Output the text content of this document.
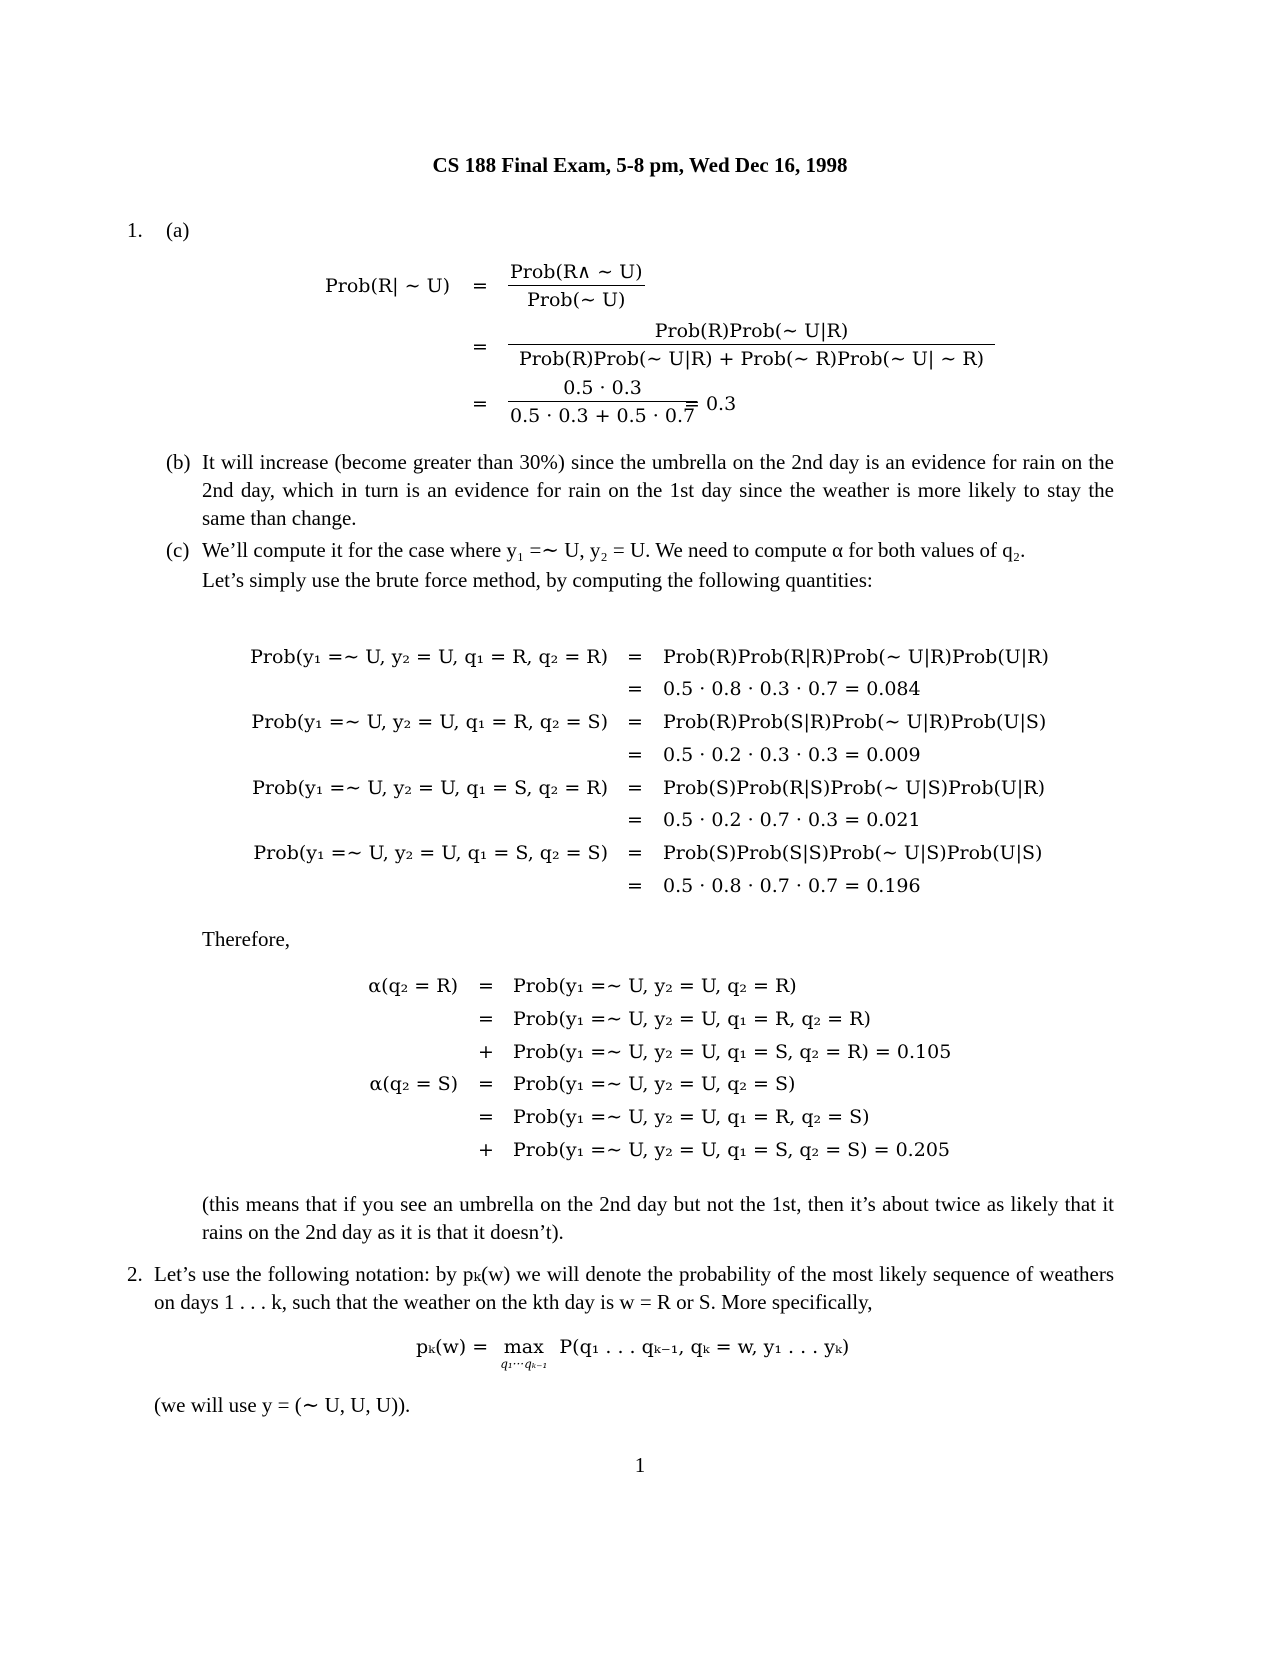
CS 188 Final Exam, 5-8 pm, Wed Dec 16, 1998
1. (a)
Prob(R| ∼ U) =
Prob(R∧ ∼ U)
Prob(∼ U)
=
Prob(R)Prob(∼ U|R)
Prob(R)Prob(∼ U|R) + Prob(∼ R)Prob(∼ U| ∼ R)
= $\frac{0.5 \cdot 0.3}{0.5 \cdot 0.3 + 0.5 \cdot 0.7}$
= 0.3
(b) It will increase (become greater than 30%) since the umbrella on the 2nd day is an evidence for rain on the 2nd day, which in turn is an evidence for rain on the 1st day since the weather is more likely to stay the same than change.
(c) We’ll compute it for the case where y₁ =∼ U, y₂ = U. We need to compute α for both values of q₂.
Let’s simply use the brute force method, by computing the following quantities:
Prob(y₁ =∼ U, y₂ = U, q₁ = R, q₂ = R) = Prob(R)Prob(R|R)Prob(∼ U|R)Prob(U|R)
= 0.5 · 0.8 · 0.3 · 0.7 = 0.084
Prob(y₁ =∼ U, y₂ = U, q₁ = R, q₂ = S) = Prob(R)Prob(S|R)Prob(∼ U|R)Prob(U|S)
= 0.5 · 0.2 · 0.3 · 0.3 = 0.009
Prob(y₁ =∼ U, y₂ = U, q₁ = S, q₂ = R) = Prob(S)Prob(R|S)Prob(∼ U|S)Prob(U|R)
= 0.5 · 0.2 · 0.7 · 0.3 = 0.021
Prob(y₁ =∼ U, y₂ = U, q₁ = S, q₂ = S) = Prob(S)Prob(S|S)Prob(∼ U|S)Prob(U|S)
= 0.5 · 0.8 · 0.7 · 0.7 = 0.196
Therefore,
α(q₂ = R) = Prob(y₁ =∼ U, y₂ = U, q₂ = R)
= Prob(y₁ =∼ U, y₂ = U, q₁ = R, q₂ = R)
+ Prob(y₁ =∼ U, y₂ = U, q₁ = S, q₂ = R) = 0.105
α(q₂ = S) = Prob(y₁ =∼ U, y₂ = U, q₂ = S)
= Prob(y₁ =∼ U, y₂ = U, q₁ = R, q₂ = S)
+ Prob(y₁ =∼ U, y₂ = U, q₁ = S, q₂ = S) = 0.205
(this means that if you see an umbrella on the 2nd day but not the 1st, then it’s about twice as likely that it rains on the 2nd day as it is that it doesn’t).
2. Let’s use the following notation: by pₖ(w) we will denote the probability of the most likely sequence of weathers on days 1 . . . k, such that the weather on the kth day is w = R or S. More specifically,
pₖ(w) = max
q₁···qₖ₋₁
P(q₁ . . . qₖ₋₁, qₖ = w, y₁ . . . yₖ)
(we will use y = (∼ U, U, U)).
1
